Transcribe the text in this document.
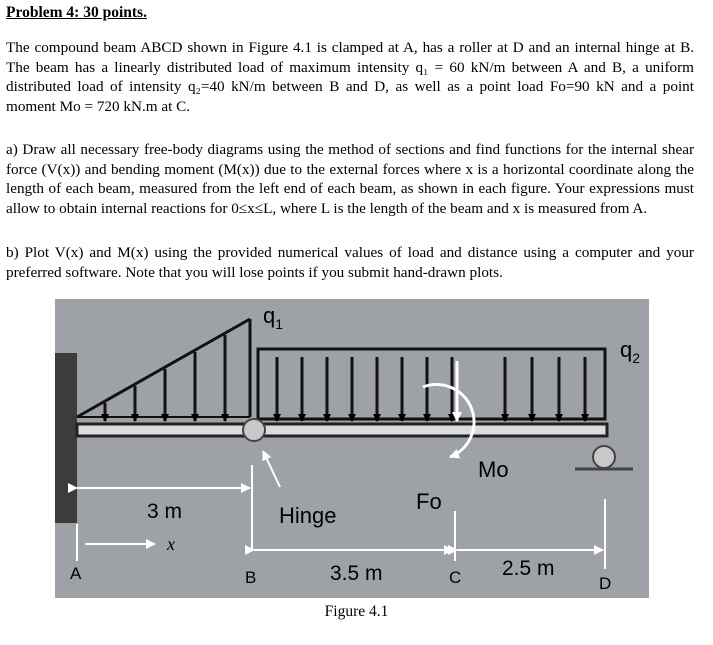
Problem 4: 30 points.

The compound beam ABCD shown in Figure 4.1 is clamped at A, has a roller at D and an internal hinge at B. The beam has a linearly distributed load of maximum intensity q₁ = 60 kN/m between A and B, a uniform distributed load of intensity q₂=40 kN/m between B and D, as well as a point load Fo=90 kN and a point moment Mo = 720 kN.m at C.

a) Draw all necessary free-body diagrams using the method of sections and find functions for the internal shear force (V(x)) and bending moment (M(x)) due to the external forces where x is a horizontal coordinate along the length of each beam, measured from the left end of each beam, as shown in each figure. Your expressions must allow to obtain internal reactions for 0≤x≤L, where L is the length of the beam and x is measured from A.

b) Plot V(x) and M(x) using the provided numerical values of load and distance using a computer and your preferred software. Note that you will lose points if you submit hand-drawn plots.

$q_1$
$q_2$
Mo
Fo
Hinge
3 m
x
3.5 m	2.5 m
A	B	C	D
Figure 4.1
